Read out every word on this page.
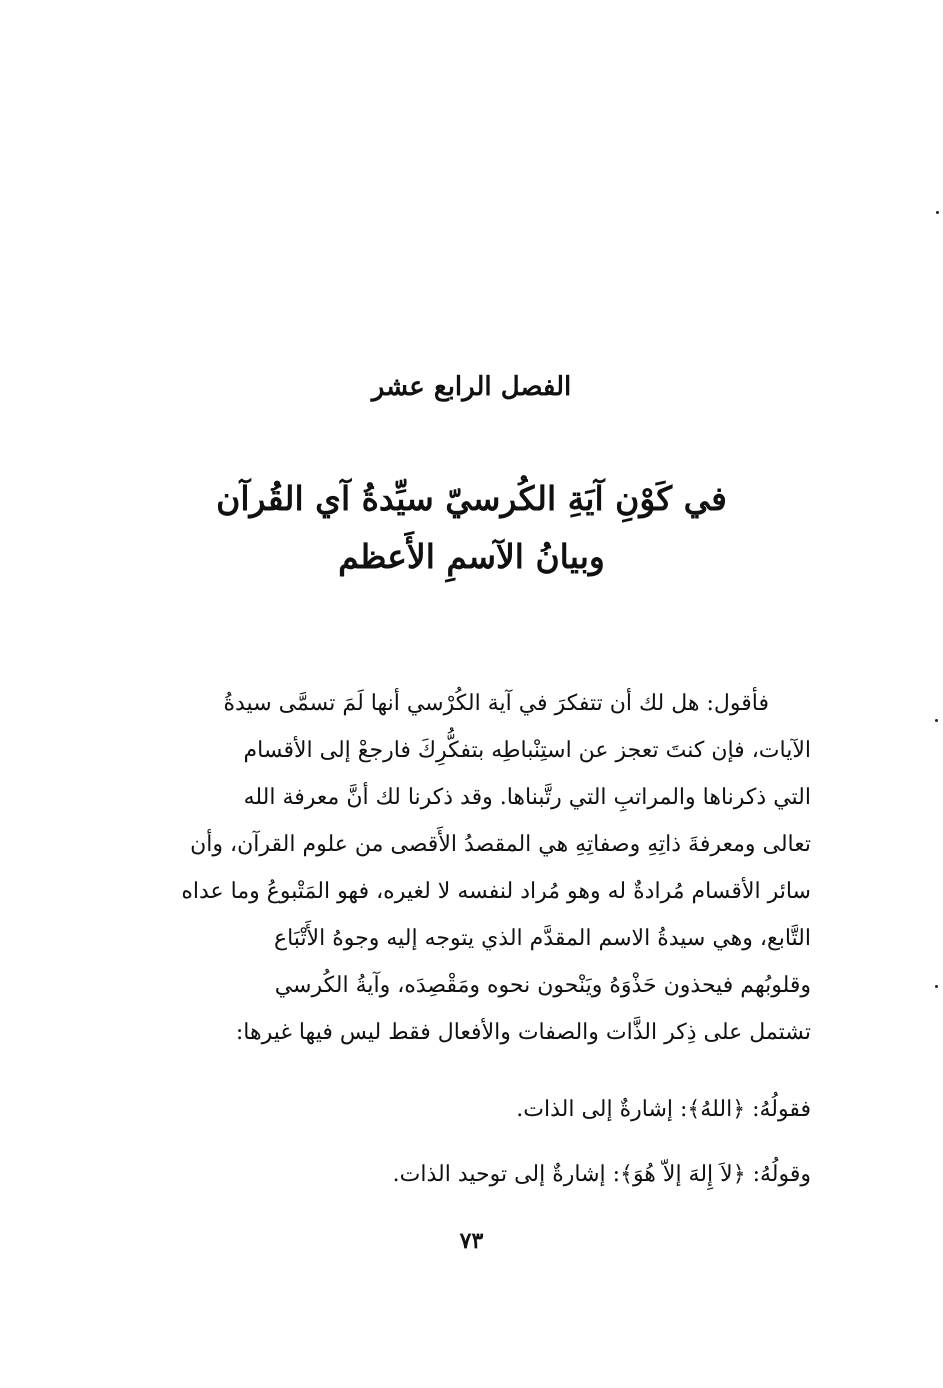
الفصل الرابع عشر
في كَوْنِ آيَةِ الكُرسيّ سيِّدةُ آي القُرآن
وبيانُ الآسمِ الأَعظم
فأقول: هل لك أن تتفكرَ في آية الكُرْسي أنها لَمَ تسمَّى سيدةُ
الآيات، فإن كنتَ تعجز عن استِنْباطِه بتفكُّرِكَ فارجعْ إلى الأقسام
التي ذكرناها والمراتبِ التي رتَّبناها. وقد ذكرنا لك أنَّ معرفة الله
تعالى ومعرفةَ ذاتِهِ وصفاتِهِ هي المقصدُ الأَقصى من علوم القرآن، وأن
سائر الأقسام مُرادةٌ له وهو مُراد لنفسه لا لغيره، فهو المَتْبوعُ وما عداه
التَّابع، وهي سيدةُ الاسم المقدَّم الذي يتوجه إليه وجوهُ الأَتْبَاع
وقلوبُهم فيحذون حَذْوَهُ ويَنْحون نحوه ومَقْصِدَه، وآيةُ الكُرسي
تشتمل على ذِكر الذَّات والصفات والأفعال فقط ليس فيها غيرها:
فقولُهُ: ﴿اللهُ﴾: إشارةٌ إلى الذات.
وقولُهُ: ﴿لاَ إِلهَ إلاّ هُوَ﴾: إشارةٌ إلى توحيد الذات.
٧٣
